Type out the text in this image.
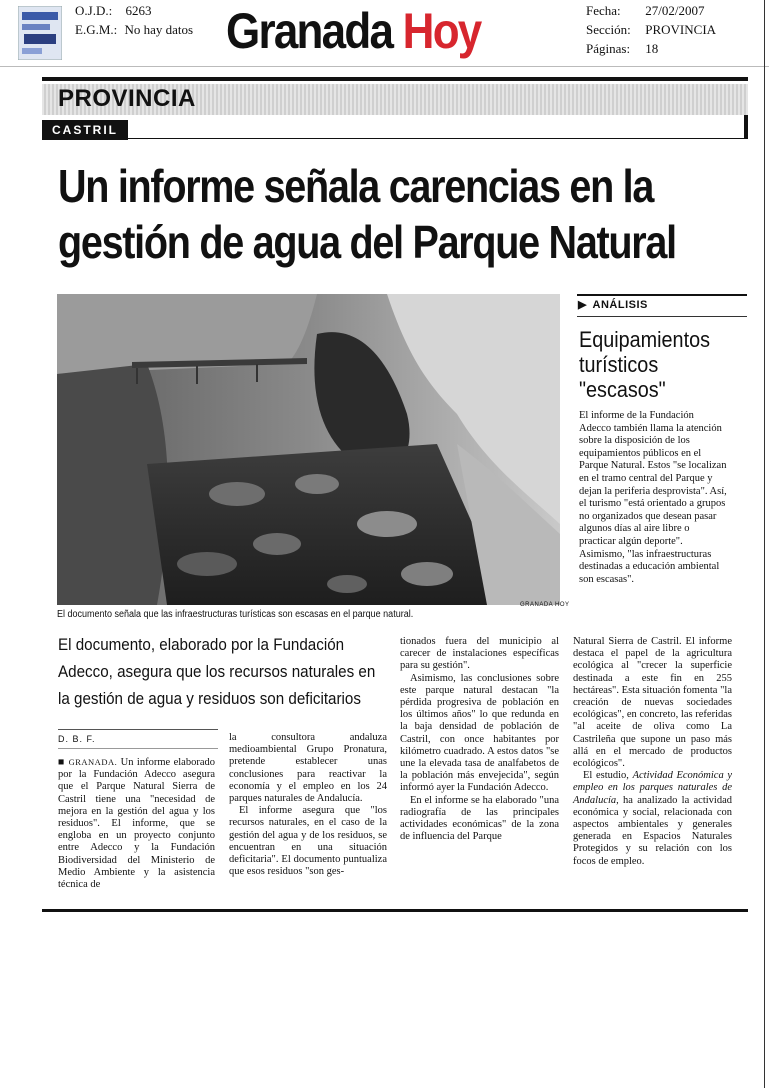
O.J.D.: 6263
E.G.M.: No hay datos Granada Hoy	Fecha: 27/02/2007
Sección: PROVINCIA
Páginas: 18
PROVINCIA
CASTRIL
Un informe señala carencias en la
gestión de agua del Parque Natural
El documento señala que las infraestructuras turísticas son escasas en el parque natural.
GRANADA HOY
▶ ANÁLISIS
Equipamientos
turísticos
"escasos"
El informe de la Fundación Adecco también llama la atención sobre la disposición de los equipamientos públicos en el Parque Natural. Estos "se localizan en el tramo central del Parque y dejan la periferia desprovista". Así, el turismo "está orientado a grupos no organizados que desean pasar algunos días al aire libre o practicar algún deporte". Asimismo, "las infraestructuras destinadas a educación ambiental son escasas".
El documento, elaborado por la Fundación
Adecco, asegura que los recursos naturales en
la gestión de agua y residuos son deficitarios
D. B. F.

■ GRANADA. Un informe elaborado por la Fundación Adecco asegura que el Parque Natural Sierra de Castril tiene una "necesidad de mejora en la gestión del agua y los residuos". El informe, que se engloba en un proyecto conjunto entre Adecco y la Fundación Biodiversidad del Ministerio de Medio Ambiente y la asistencia técnica de

la consultora andaluza medioambiental Grupo Pronatura, pretende establecer unas conclusiones para reactivar la economía y el empleo en los 24 parques naturales de Andalucía.

El informe asegura que "los recursos naturales, en el caso de la gestión del agua y de los residuos, se encuentran en una situación deficitaria". El documento puntualiza que esos residuos "son ges-

tionados fuera del municipio al carecer de instalaciones específicas para su gestión".

Asimismo, las conclusiones sobre este parque natural destacan "la pérdida progresiva de población en los últimos años" lo que redunda en la baja densidad de población de Castril, con once habitantes por kilómetro cuadrado. A estos datos "se une la elevada tasa de analfabetos de la población más envejecida", según informó ayer la Fundación Adecco.

En el informe se ha elaborado "una radiografía de las principales actividades económicas" de la zona de influencia del Parque

Natural Sierra de Castril. El informe destaca el papel de la agricultura ecológica al "crecer la superficie destinada a este fin en 255 hectáreas". Esta situación fomenta "la creación de nuevas sociedades ecológicas", en concreto, las referidas "al aceite de oliva como La Castrileña que supone un paso más allá en el mercado de productos ecológicos".

El estudio, Actividad Económica y empleo en los parques naturales de Andalucía, ha analizado la actividad económica y social, relacionada con aspectos ambientales y generales generada en Espacios Naturales Protegidos y su relación con los focos de empleo.
